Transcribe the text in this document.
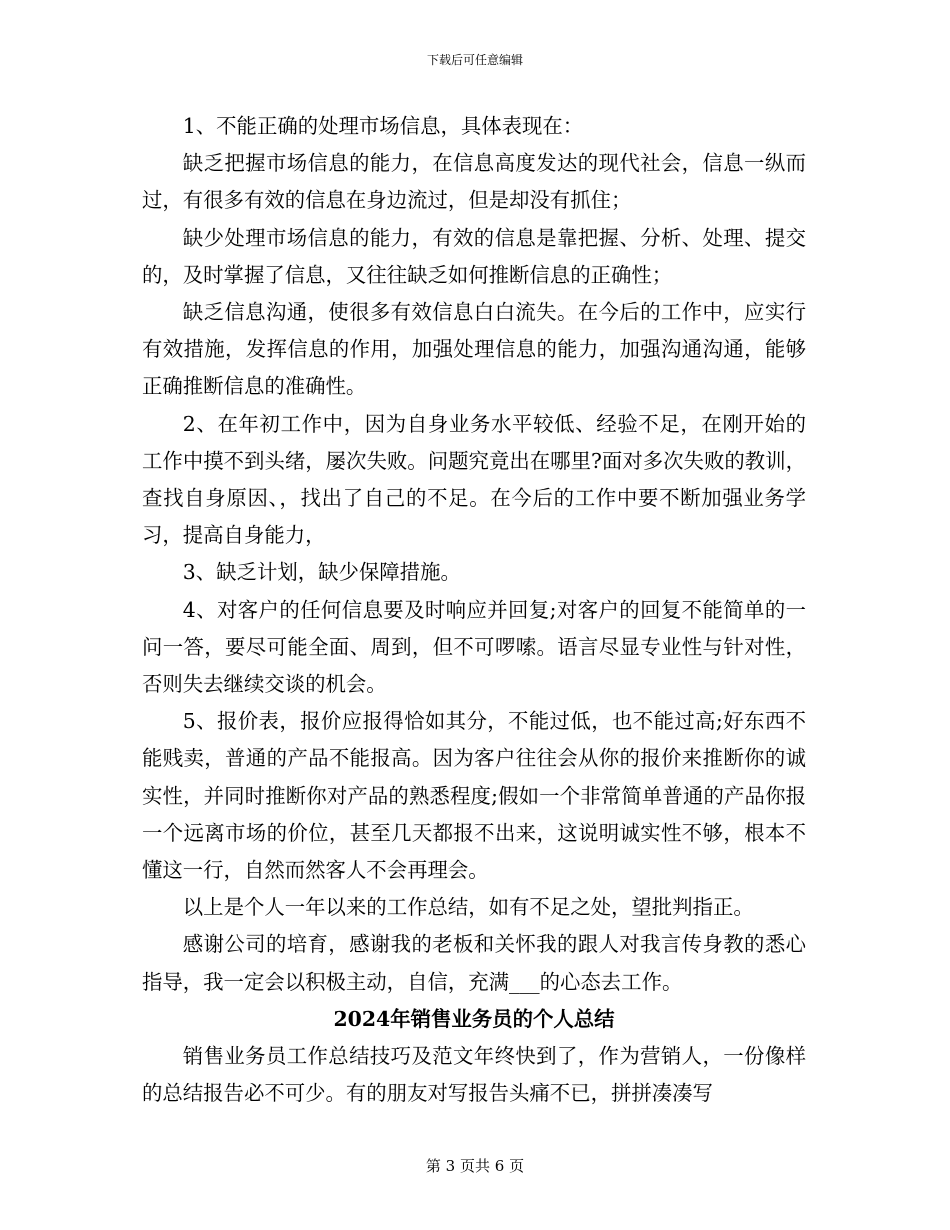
下载后可任意编辑

1、不能正确的处理市场信息，具体表现在：

缺乏把握市场信息的能力，在信息高度发达的现代社会，信息一纵而过，有很多有效的信息在身边流过，但是却没有抓住；

缺少处理市场信息的能力，有效的信息是靠把握、分析、处理、提交的，及时掌握了信息，又往往缺乏如何推断信息的正确性；

缺乏信息沟通，使很多有效信息白白流失。在今后的工作中，应实行有效措施，发挥信息的作用，加强处理信息的能力，加强沟通沟通，能够正确推断信息的准确性。

2、在年初工作中，因为自身业务水平较低、经验不足，在刚开始的工作中摸不到头绪，屡次失败。问题究竟出在哪里?面对多次失败的教训，查找自身原因、，找出了自己的不足。在今后的工作中要不断加强业务学习，提高自身能力，

3、缺乏计划，缺少保障措施。

4、对客户的任何信息要及时响应并回复;对客户的回复不能简单的一问一答，要尽可能全面、周到，但不可啰嗦。语言尽显专业性与针对性，否则失去继续交谈的机会。

5、报价表，报价应报得恰如其分，不能过低，也不能过高;好东西不能贱卖，普通的产品不能报高。因为客户往往会从你的报价来推断你的诚实性，并同时推断你对产品的熟悉程度;假如一个非常简单普通的产品你报一个远离市场的价位，甚至几天都报不出来，这说明诚实性不够，根本不懂这一行，自然而然客人不会再理会。

以上是个人一年以来的工作总结，如有不足之处，望批判指正。

感谢公司的培育，感谢我的老板和关怀我的跟人对我言传身教的悉心指导，我一定会以积极主动，自信，充满___的心态去工作。

2024年销售业务员的个人总结

销售业务员工作总结技巧及范文年终快到了，作为营销人，一份像样的总结报告必不可少。有的朋友对写报告头痛不已，拼拼凑凑写

第 3 页共 6 页
